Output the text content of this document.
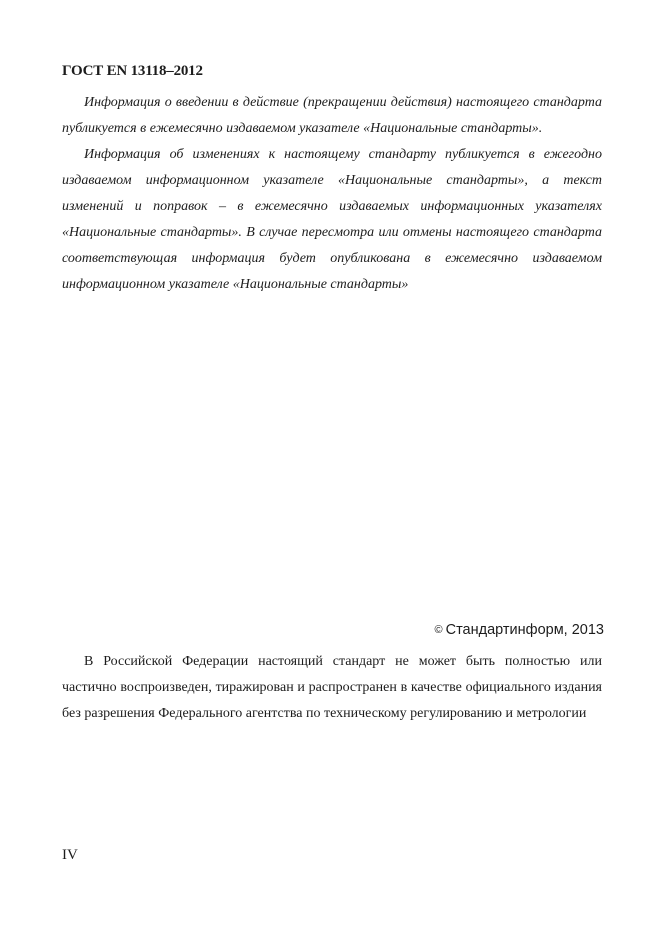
ГОСТ EN 13118–2012

Информация о введении в действие (прекращении действия) настоящего стандарта публикуется в ежемесячно издаваемом указателе «Национальные стандарты».

Информация об изменениях к настоящему стандарту публикуется в ежегодно издаваемом информационном указателе «Национальные стандарты», а текст изменений и поправок – в ежемесячно издаваемых информационных указателях «Национальные стандарты». В случае пересмотра или отмены настоящего стандарта соответствующая информация будет опубликована в ежемесячно издаваемом информационном указателе «Национальные стандарты»

© Стандартинформ, 2013

В Российской Федерации настоящий стандарт не может быть полностью или частично воспроизведен, тиражирован и распространен в качестве официального издания без разрешения Федерального агентства по техническому регулированию и метрологии

IV
